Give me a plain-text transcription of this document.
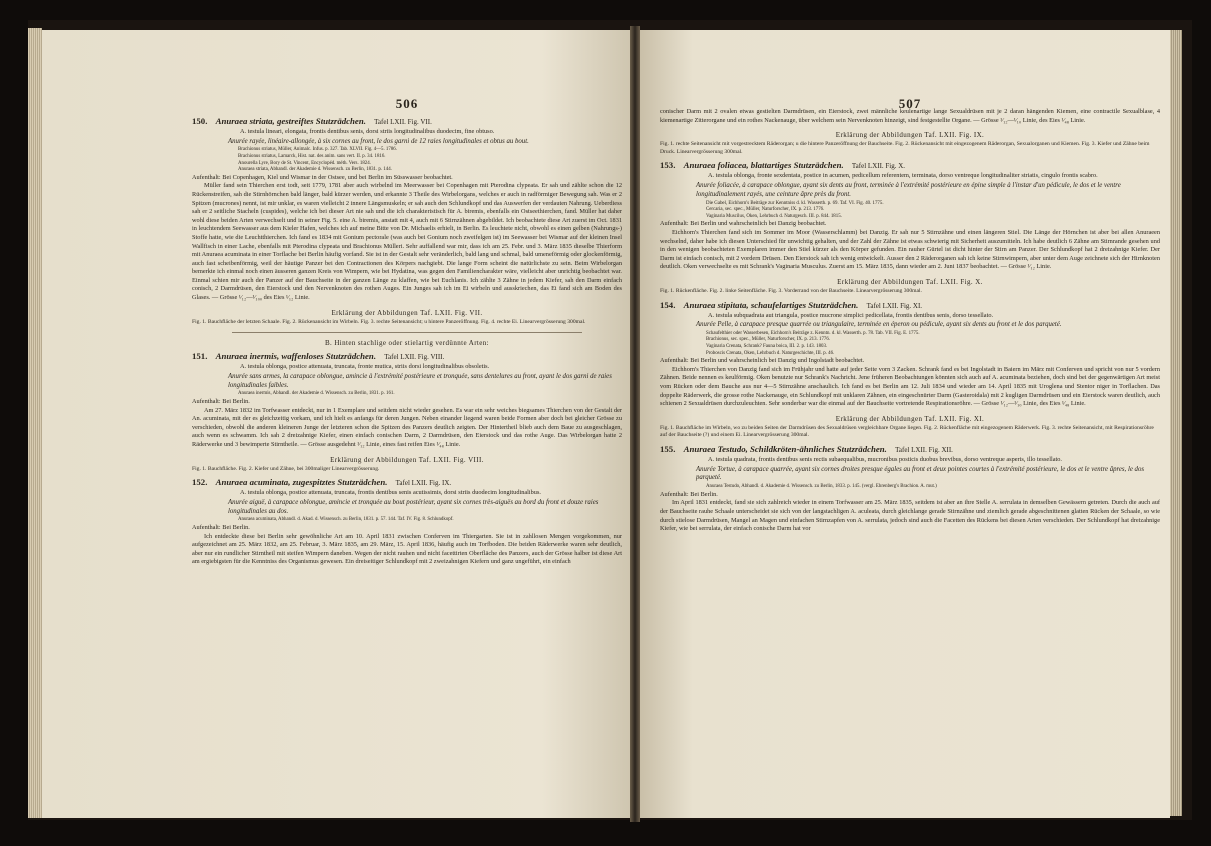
506
150. Anuraea striata, gestreiftes Stutzrädchen. Tafel LXII. Fig. VII.

A. testula lineari, elongata, frontis dentibus senis, dorsi striis longitudinalibus duodecim, fine obtuso.

Anurée rayée, linéaire-allongée, à six cornes au front, le dos garni de 12 raies longitudinales et obtus au bout.

Brachionus striatus, Müller, Animalc. Infus. p. 327. Tab. XLVII. Fig. 4—5. 1786.

Brachionus striatus, Lamarck, Hist. nat. des anim. sans vert. II. p. 34. 1816.

Anourella Lyre, Bory de St. Vincent, Encyclopéd. méth. Vers. 1824.

Anuraea striata, Abhandl. der Akademie d. Wissensch. zu Berlin, 1831. p. 144.

Aufenthalt: Bei Copenhagen, Kiel und Wismar in der Ostsee, und bei Berlin im Süsswasser beobachtet.

Müller fand sein Thierchen erst todt, seit 1779, 1781 aber auch wirbelnd im Meerwasser bei Copenhagen mit Pterodina clypeata. Er sah und zählte schon die 12 Rückenstreifen, sah die Stirnhörnchen bald länger, bald kürzer werden, und erkannte 3 Theile des Wirbelorgans, welches er auch in radförmiger Bewegung sah. Was er 2 Spitzen (mucrones) nennt, ist mir unklar, es waren vielleicht 2 innere Längsmuskeln; er sah auch den Schlundkopf und das Auswerfen der verdauten Nahrung. Ueberdiess sah er 2 seitliche Stacheln (cuspides), welche ich bei dieser Art nie sah und die ich charakteristisch für A. biremis, ebenfalls ein Ostseethierchen, fand. Müller hat daher wohl diese beiden Arten verwechselt und in seiner Fig. 5. eine A. biremis, anstatt mit 4, auch mit 6 Stirnzähnen abgebildet. Ich beobachtete diese Art zuerst im Oct. 1831 in leuchtendem Seewasser aus dem Kieler Hafen, welches ich auf meine Bitte von Dr. Michaelis erhielt, in Berlin. Es leuchtete nicht, obwohl es einen gelben (Nahrungs-) Stoffe hatte, wie die Leuchtthierchen. Ich fand es 1834 mit Gonium pectorale (was auch bei Gonium noch zweifelgen ist) im Seewasser bei Wismar auf der kleinen Insel Wallfisch in einer Lache, ebenfalls mit Pterodina clypeata und Brachionus Mülleri. Sehr auffallend war mir, dass ich am 25. Febr. und 3. März 1835 dieselbe Thierform mit Anuraea acuminata in einer Torflache bei Berlin häufig vorfand. Sie ist in der Gestalt sehr veränderlich, bald lang und schmal, bald umeneförmig oder glockenförmig, auch fast scheibenförmig, weil der häutige Panzer bei den Contractionen des Körpers nachgiebt. Die lange Form scheint die natürlichste zu sein. Beim Wirbelorgan bemerkte ich einmal noch einen äusseren ganzen Kreis von Wimpern, wie bei Hydatina, was gegen den Familiencharakter wäre, vielleicht aber unrichtig beobachtet war. Einmal schien mir auch der Panzer auf der Bauchseite in der ganzen Länge zu klaffen, wie bei Euchlanis. Ich zählte 3 Zähne in jedem Kiefer, sah den Darm einfach conisch, 2 Darmdrüsen, den Eierstock und den Nervenknoten des rothen Auges. Ein Junges sah ich im Ei wirbeln und ausskriechen, das Ei fand sich am Boden des Glases. — Grösse ¹⁄₁₂—¹⁄₁₀₀ des Eies ¹⁄₁₂ Linie.

Erklärung der Abbildungen Taf. LXII. Fig. VII.

Fig. 1. Bauchfläche der letzten Schaale. Fig. 2. Rückenansicht im Wirbeln. Fig. 3. rechte Seitenansicht; u hintere Panzeröffnung. Fig. 4. rechte Ei. Linearvergrösserung 300mal.

B. Hinten stachlige oder stielartig verdünnte Arten:
151. Anuraea inermis, waffenloses Stutzrädchen. Tafel LXII. Fig. VIII.

A. testula oblonga, postice attenuata, truncata, fronte mutica, striis dorsi longitudinalibus obsoletis.

Anurée sans armes, la carapace oblongue, amincie à l'extrémité postérieure et tronquée, sans dentelures au front, ayant le dos garni de raies longitudinales faibles.

Anuraea inermis, Abhandl. der Akademie d. Wissensch. zu Berlin, 1831. p. 161.

Aufenthalt: Bei Berlin.

Am 27. März 1832 im Torfwasser entdeckt, nur in 1 Exemplare und seitdem nicht wieder gesehen. Es war ein sehr weiches biegsames Thierchen von der Gestalt der An. acuminata, mit der es gleichzeitig vorkam, und ich hielt es anfangs für deren Jungen. Neben einander liegend waren beide Formen aber doch bei gleicher Grösse zu verschieden, obwohl die anderen kleineren Junge der letzteren schon die Spitzen des Panzers deutlich zeigten. Der Hintertheil blieb auch dem Baue zu ausgeschlagen, auch wenn es schwamm. Ich sah 2 dreizahnige Kiefer, einen einfach conischen Darm, 2 Darmdrüsen, den Eierstock und das rothe Auge. Das Wirbelorgan hatte 2 Räderwerke und 3 bewimperte Stirntheile. — Grösse ausgedehnt ¹⁄₁₂ Linie, eines fast reifen Eies ¹⁄₄₈ Linie.

Erklärung der Abbildungen Taf. LXII. Fig. VIII.

Fig. 1. Bauchfläche. Fig. 2. Kiefer und Zähne, bei 300maliger Linearvergrösserung.

152. Anuraea acuminata, zugespitztes Stutzrädchen. Tafel LXII. Fig. IX.

A. testula oblonga, postice attenuata, truncata, frontis dentibus senis acutissimis, dorsi striis duodecim longitudinalibus.

Anurée aiguë, à carapace oblongue, amincie et tronquée au bout postérieur, ayant six cornes très-aiguës au bord du front et douze raies longitudinales au dos.

Anuraea acuminata, Abhandl. d. Akad. d. Wissensch. zu Berlin, 1831. p. 57. 144. Taf. IV. Fig. 8. Schlundkopf.

Aufenthalt: Bei Berlin.

Ich entdeckte diese bei Berlin sehr gewöhnliche Art am 10. April 1831 zwischen Conferven im Thiergarten. Sie ist in zahllosen Mengen vorgekommen, nur aufgezeichnet am 25. März 1832, am 25. Februar, 3. März 1835, am 29. März, 15. April 1836, häufig auch im Torfboden. Die beiden Räderwerke waren sehr deutlich, aber nur ein rundlicher Stirntheil mit steifen Wimpern daneben. Wegen der nicht rauhen und nicht facettirten Oberfläche des Panzers, auch der Grösse halber ist diese Art am ergiebigsten für die Kenntniss des Organismus gewesen. Ein dreiseitiger Schlundkopf mit 2 zweizahnigen Kiefern und ganz ungeführt, ein einfach

507

conischer Darm mit 2 ovalen etwas gestielten Darmdrüsen, ein Eierstock, zwei männliche keulenartige lange Sexualdrüsen mit je 2 daran hängenden Kiemen, eine contractile Sexualblase, 4 kiemenartige Zitterorgane und ein rothes Nackenauge, über welchem sein Nervenknoten hinzeigt, sind festgestellte Organe. — Grösse ¹⁄₁₂—¹⁄₁₀ Linie, des Eies ¹⁄₄₈ Linie.

Erklärung der Abbildungen Taf. LXII. Fig. IX.

Fig. 1. rechte Seitenansicht mit vorgestrecktem Räderorgan; u die hintere Panzeröffnung der Bauchseite. Fig. 2. Rückenansicht mit eingezogenem Räderorgan, Sexualorganen und Kiemen. Fig. 3. Kiefer und Zähne beim Druck. Linearvergrösserung 300mal.

153. Anuraea foliacea, blattartiges Stutzrädchen. Tafel LXII. Fig. X.

A. testula oblonga, fronte sexdentata, postice in acumen, pedicellum referentem, terminata, dorso ventreque longitudinaliter striatis, cingulo frontis scabro.

Anurée foliacée, à carapace oblongue, ayant six dents au front, terminée à l'extrémité postérieure en épine simple à l'instar d'un pédicule, le dos et le ventre longitudinalement rayés, une ceinture âpre près du front.

Die Gabel, Eichhorn's Beiträge zur Kenntniss d. kl. Wasserth. p. 69. Taf. VI. Fig. 40. 1775.

Cercaria, sec. spec., Müller, Naturforscher, IX. p. 213. 1776.

Vaginaria Muscilus, Oken, Lehrbuch d. Naturgesch. III. p. 844. 1815.

Aufenthalt: Bei Berlin und wahrscheinlich bei Danzig beobachtet.

Eichhorn's Thierchen fand sich im Sommer im Moor (Wasserschlamm) bei Danzig. Er sah nur 5 Stirnzähne und einen längeren Stiel. Die Länge der Hörnchen ist aber bei allen Anuraeen wechselnd, daher habe ich diesen Unterschied für unwichtig gehalten, und der Zahl der Zähne ist etwas schwierig mit Sicherheit auszumitteln. Ich habe deutlich 6 Zähne am Stirnrande gesehen und in den wenigen beobachteten Exemplaren immer den Stiel kürzer als den Körper gefunden. Ein rauher Gürtel ist dicht hinter der Stirn am Panzer. Der Schlundkopf hat 2 dreizahnige Kiefer. Der Darm ist einfach conisch, mit 2 vordern Drüsen. Den Eierstock sah ich wenig entwickelt. Ausser den 2 Räderorganen sah ich keine Stirnwimpern, aber unter dem Auge zeichnete sich der Hirnknoten deutlich. Oken verwechselte es mit Schrank's Vaginaria Musculus. Zuerst am 15. März 1835, dann wieder am 2. Juni 1837 beobachtet. — Grösse ¹⁄₁₂ Linie.

Erklärung der Abbildungen Taf. LXII. Fig. X.

Fig. 1. Rückenfläche. Fig. 2. linke Seitenfläche. Fig. 3. Vorderrand von der Bauchseite. Linearvergrösserung 300mal.

154. Anuraea stipitata, schaufelartiges Stutzrädchen. Tafel LXII. Fig. XI.

A. testula subquadrata aut triangula, postice mucrone simplici pedicellata, frontis dentibus senis, dorso tessellato.

Anurée Pelle, à carapace presque quarrée ou triangulaire, terminée en éperon ou pédicule, ayant six dents au front et le dos parqueté.

Schaufelthier oder Wasserbesen, Eichhorn's Beiträge z. Kenntn. d. kl. Wasserth. p. 78. Tab. VII. Fig. E. 1775.

Brachionus, sec. spec., Müller, Naturforscher, IX. p. 213. 1776.

Vaginaria Crenata, Schrank? Fauna boica, III. 2. p. 143. 1803.

Proboscis Crenata, Oken, Lehrbuch d. Naturgeschichte, III. p. 46.

Aufenthalt: Bei Berlin und wahrscheinlich bei Danzig und Ingolstadt beobachtet.

Eichhorn's Thierchen von Danzig fand sich im Frühjahr und hatte auf jeder Seite vorn 3 Zacken. Schrank fand es bei Ingolstadt in Baiern im März mit Conferven und spricht von nur 5 vordern Zähnen. Beide nennen es keulförmig. Oken benutzte nur Schrank's Nachricht. Jene früheren Beobachtungen könnten sich auch auf A. acuminata beziehen, doch sind bei der gegenwärtigen Art meist vom Rücken oder dem Bauche aus nur 4—5 Stirnzähne anschaulich. Ich fand es bei Berlin am 12. Juli 1834 und wieder am 14. April 1835 mit Uroglena und Stentor niger in Torflachen. Das doppelte Räderwerk, die grosse rothe Nackenauge, ein Schlundkopf mit unklaren Zähnen, ein eingeschnürter Darm (Gasteroidala) mit 2 kugligen Darmdrüsen und ein Eierstock waren deutlich, auch schienen 2 Sexualdrüsen durchzuleuchten. Sehr sonderbar war die einmal auf der Bauchseite vortretende Respirationsröhre. — Grösse ¹⁄₁₂—¹⁄₁₀ Linie, des Eies ¹⁄₄₈ Linie.

Erklärung der Abbildungen Taf. LXII. Fig. XI.

Fig. 1. Bauchfläche im Wirbeln, wo zu beiden Seiten der Darmdrüsen des Sexualdrüsen vergleichbare Organe liegen. Fig. 2. Rückenfläche mit eingezogenem Räderwerk. Fig. 3. rechte Seitenansicht, mit Respirationsröhre auf der Bauchseite (?) und einem Ei. Linearvergrösserung 300mal.

155. Anuraea Testudo, Schildkröten-ähnliches Stutzrädchen. Tafel LXII. Fig. XII.

A. testula quadrata, frontis dentibus senis rectis subaequalibus, mucronibus posticis duobus brevibus, dorso ventreque asperis, illo tessellato.

Anurée Tortue, à carapace quarrée, ayant six cornes droites presque égales au front et deux pointes courtes à l'extrémité postérieure, le dos et le ventre âpres, le dos parqueté.

Anuraea Testudo, Abhandl. d. Akademie d. Wissensch. zu Berlin, 1833. p. 145. (vergl. Ehrenberg's Brachion. A. mut.)

Aufenthalt: Bei Berlin.

Im April 1831 entdeckt, fand sie sich zahlreich wieder in einem Torfwasser am 25. März 1835, seitdem ist aber an ihre Stelle A. serrulata in demselben Gewässern getreten. Durch die auch auf der Bauchseite rauhe Schaale unterscheidet sie sich von der langstachligen A. aculeata, durch gleichlange gerade Stirnzähne und ziemlich gerade abgeschnittenen glatten Rücken der Schaale, so wie durch stielose Darmdrüsen, Mangel an Magen und einfachen Stirnzapfen von A. serrulata, jedoch sind auch die Facetten des Rückens bei diesen Arten verschieden. Der Schlundkopf hat dreizahnige Kiefer, wie bei serrulata, der einfach conische Darm hat vor
